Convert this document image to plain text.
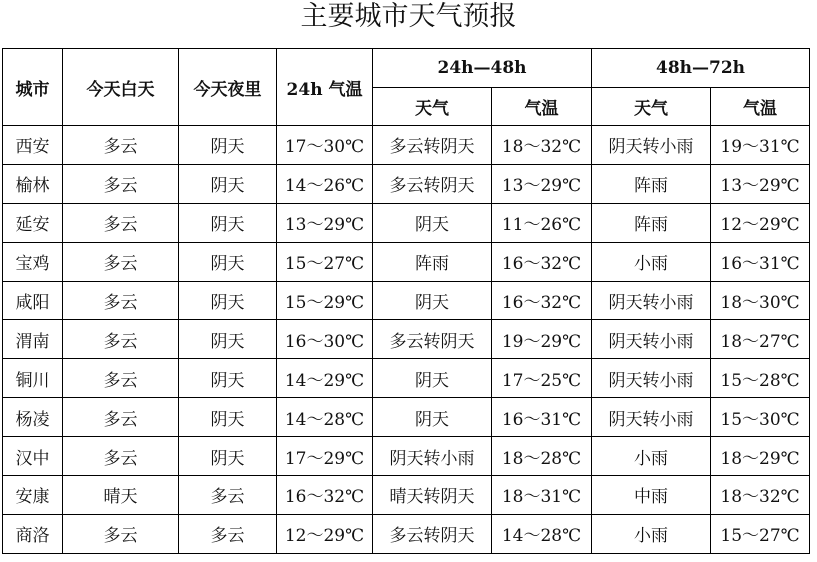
主要城市天气预报
城市	今天白天	今天夜里	24h 气温	24h—48h		48h—72h	
				天气	气温	天气	气温
西安	多云	阴天	17～30℃	多云转阴天	18～32℃	阴天转小雨	19～31℃
榆林	多云	阴天	14～26℃	多云转阴天	13～29℃	阵雨	13～29℃
延安	多云	阴天	13～29℃	阴天	11～26℃	阵雨	12～29℃
宝鸡	多云	阴天	15～27℃	阵雨	16～32℃	小雨	16～31℃
咸阳	多云	阴天	15～29℃	阴天	16～32℃	阴天转小雨	18～30℃
渭南	多云	阴天	16～30℃	多云转阴天	19～29℃	阴天转小雨	18～27℃
铜川	多云	阴天	14～29℃	阴天	17～25℃	阴天转小雨	15～28℃
杨凌	多云	阴天	14～28℃	阴天	16～31℃	阴天转小雨	15～30℃
汉中	多云	阴天	17～29℃	阴天转小雨	18～28℃	小雨	18～29℃
安康	晴天	多云	16～32℃	晴天转阴天	18～31℃	中雨	18～32℃
商洛	多云	多云	12～29℃	多云转阴天	14～28℃	小雨	15～27℃
